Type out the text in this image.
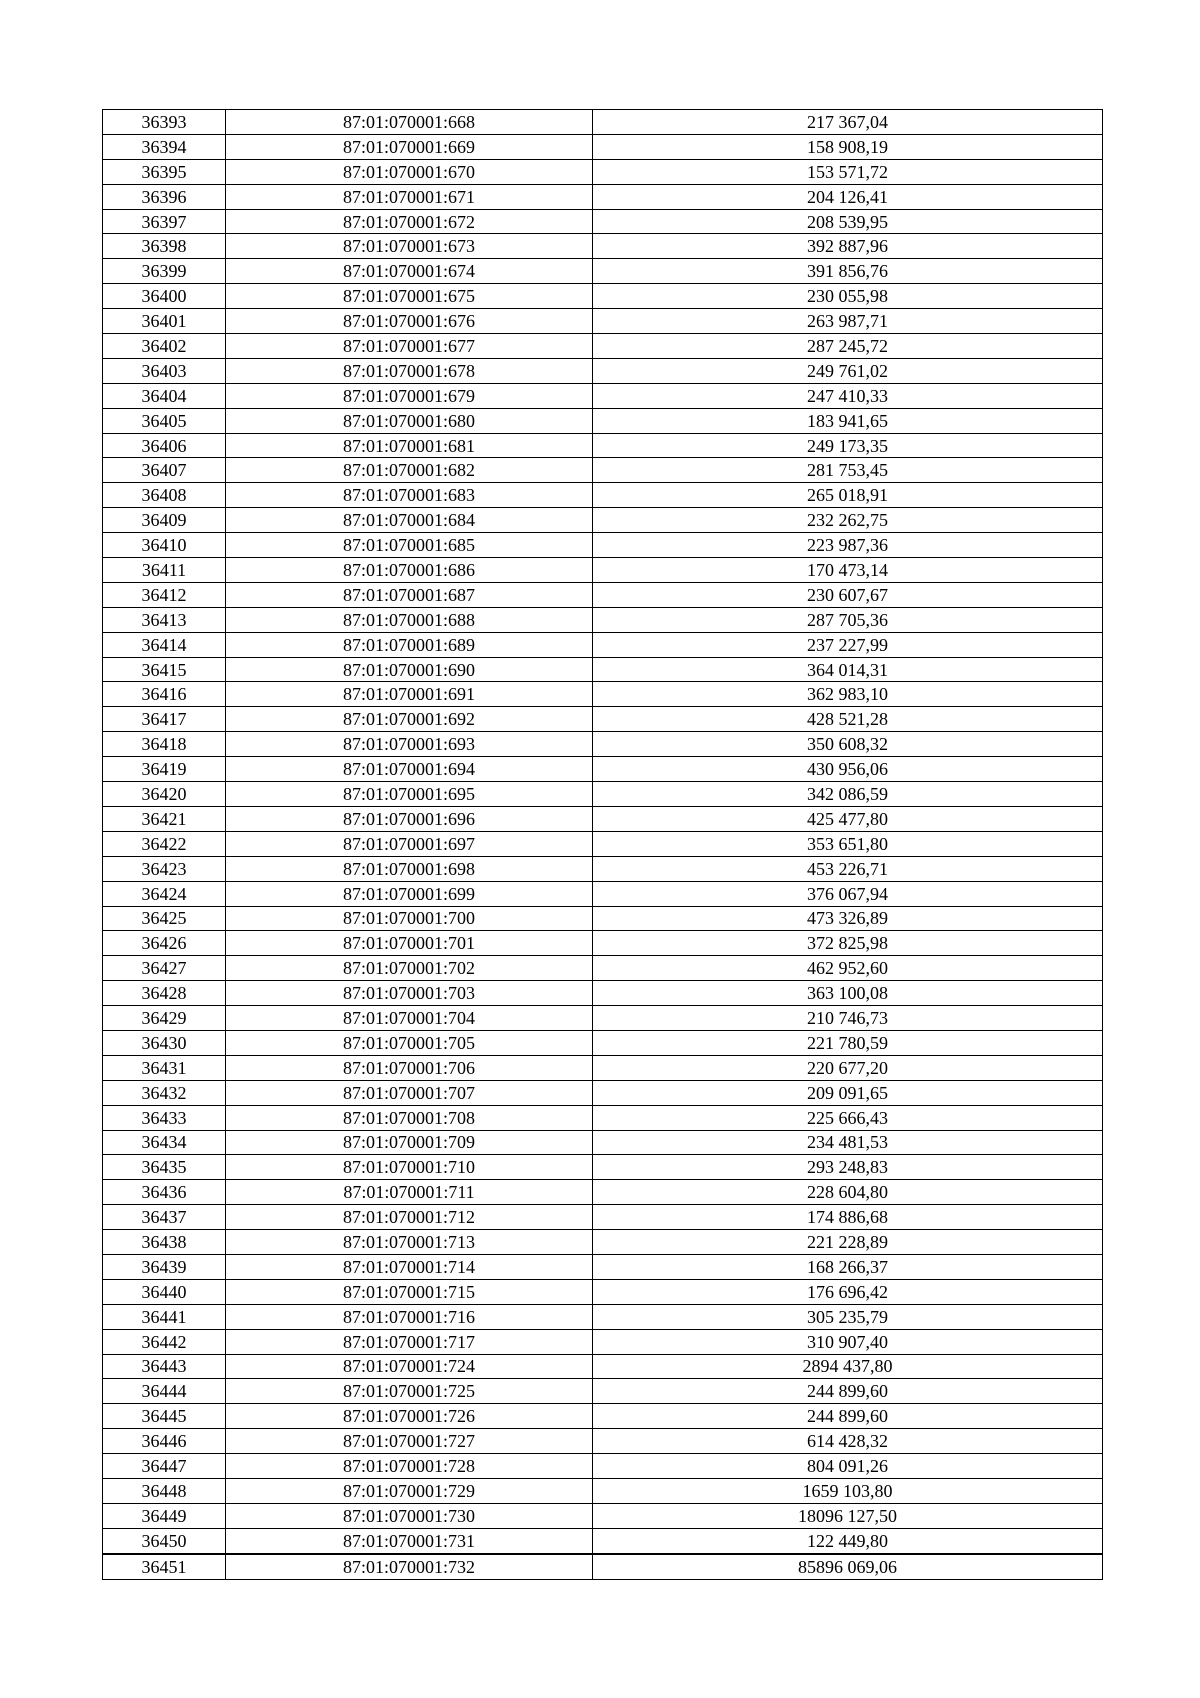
36393	87:01:070001:668	217 367,04
36394	87:01:070001:669	158 908,19
36395	87:01:070001:670	153 571,72
36396	87:01:070001:671	204 126,41
36397	87:01:070001:672	208 539,95
36398	87:01:070001:673	392 887,96
36399	87:01:070001:674	391 856,76
36400	87:01:070001:675	230 055,98
36401	87:01:070001:676	263 987,71
36402	87:01:070001:677	287 245,72
36403	87:01:070001:678	249 761,02
36404	87:01:070001:679	247 410,33
36405	87:01:070001:680	183 941,65
36406	87:01:070001:681	249 173,35
36407	87:01:070001:682	281 753,45
36408	87:01:070001:683	265 018,91
36409	87:01:070001:684	232 262,75
36410	87:01:070001:685	223 987,36
36411	87:01:070001:686	170 473,14
36412	87:01:070001:687	230 607,67
36413	87:01:070001:688	287 705,36
36414	87:01:070001:689	237 227,99
36415	87:01:070001:690	364 014,31
36416	87:01:070001:691	362 983,10
36417	87:01:070001:692	428 521,28
36418	87:01:070001:693	350 608,32
36419	87:01:070001:694	430 956,06
36420	87:01:070001:695	342 086,59
36421	87:01:070001:696	425 477,80
36422	87:01:070001:697	353 651,80
36423	87:01:070001:698	453 226,71
36424	87:01:070001:699	376 067,94
36425	87:01:070001:700	473 326,89
36426	87:01:070001:701	372 825,98
36427	87:01:070001:702	462 952,60
36428	87:01:070001:703	363 100,08
36429	87:01:070001:704	210 746,73
36430	87:01:070001:705	221 780,59
36431	87:01:070001:706	220 677,20
36432	87:01:070001:707	209 091,65
36433	87:01:070001:708	225 666,43
36434	87:01:070001:709	234 481,53
36435	87:01:070001:710	293 248,83
36436	87:01:070001:711	228 604,80
36437	87:01:070001:712	174 886,68
36438	87:01:070001:713	221 228,89
36439	87:01:070001:714	168 266,37
36440	87:01:070001:715	176 696,42
36441	87:01:070001:716	305 235,79
36442	87:01:070001:717	310 907,40
36443	87:01:070001:724	2894 437,80
36444	87:01:070001:725	244 899,60
36445	87:01:070001:726	244 899,60
36446	87:01:070001:727	614 428,32
36447	87:01:070001:728	804 091,26
36448	87:01:070001:729	1659 103,80
36449	87:01:070001:730	18096 127,50
36450	87:01:070001:731	122 449,80
36451	87:01:070001:732	85896 069,06
